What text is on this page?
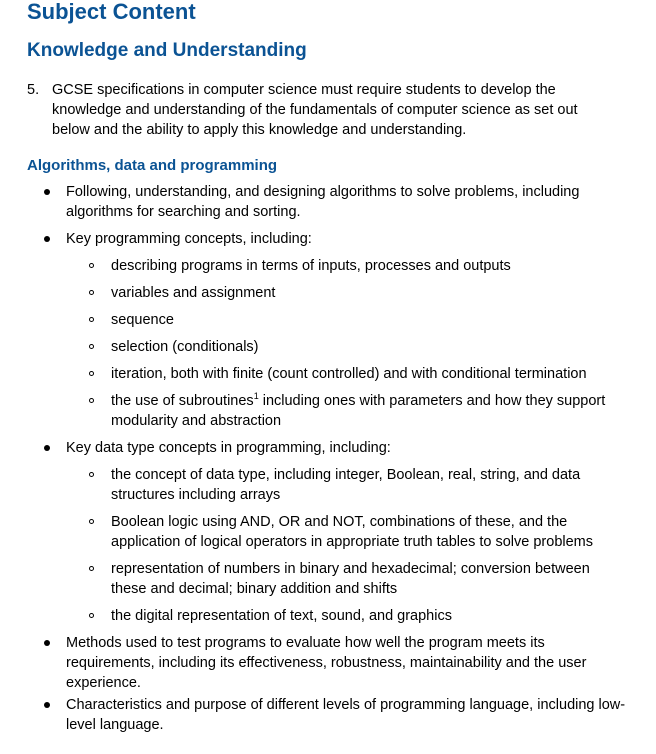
Subject Content
Knowledge and Understanding
5. GCSE specifications in computer science must require students to develop the knowledge and understanding of the fundamentals of computer science as set out below and the ability to apply this knowledge and understanding.
Algorithms, data and programming
Following, understanding, and designing algorithms to solve problems, including algorithms for searching and sorting.
Key programming concepts, including:
describing programs in terms of inputs, processes and outputs
variables and assignment
sequence
selection (conditionals)
iteration, both with finite (count controlled) and with conditional termination
the use of subroutines$^1$ including ones with parameters and how they support modularity and abstraction
Key data type concepts in programming, including:
the concept of data type, including integer, Boolean, real, string, and data structures including arrays
Boolean logic using AND, OR and NOT, combinations of these, and the application of logical operators in appropriate truth tables to solve problems
representation of numbers in binary and hexadecimal; conversion between these and decimal; binary addition and shifts
the digital representation of text, sound, and graphics
Methods used to test programs to evaluate how well the program meets its requirements, including its effectiveness, robustness, maintainability and the user experience.
Characteristics and purpose of different levels of programming language, including low-level language.
